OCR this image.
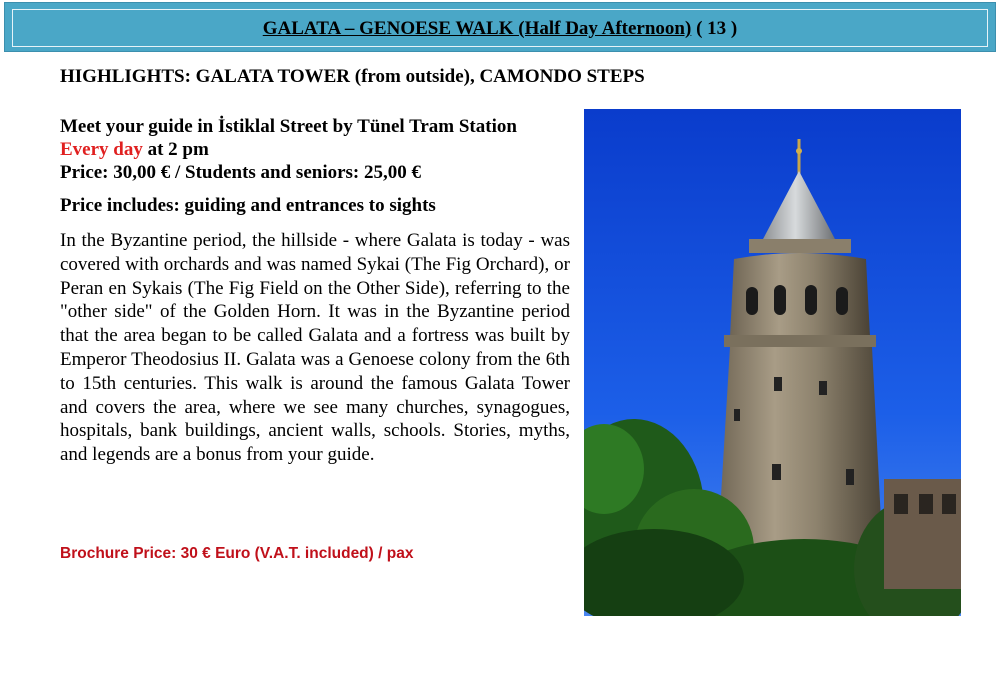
GALATA – GENOESE WALK (Half Day Afternoon) ( 13 )
HIGHLIGHTS: GALATA TOWER (from outside), CAMONDO STEPS
Meet your guide in İstiklal Street by Tünel Tram Station
Every day at 2 pm
Price: 30,00 € / Students and seniors: 25,00 €
Price includes: guiding and entrances to sights
In the Byzantine period, the hillside - where Galata is today - was covered with orchards and was named Sykai (The Fig Orchard), or Peran en Sykais (The Fig Field on the Other Side), referring to the "other side" of the Golden Horn. It was in the Byzantine period that the area began to be called Galata and a fortress was built by Emperor Theodosius II. Galata was a Genoese colony from the 6th to 15th centuries. This walk is around the famous Galata Tower and covers the area, where we see many churches, synagogues, hospitals, bank buildings, ancient walls, schools. Stories, myths, and legends are a bonus from your guide.
Brochure Price: 30 € Euro (V.A.T. included) / pax
